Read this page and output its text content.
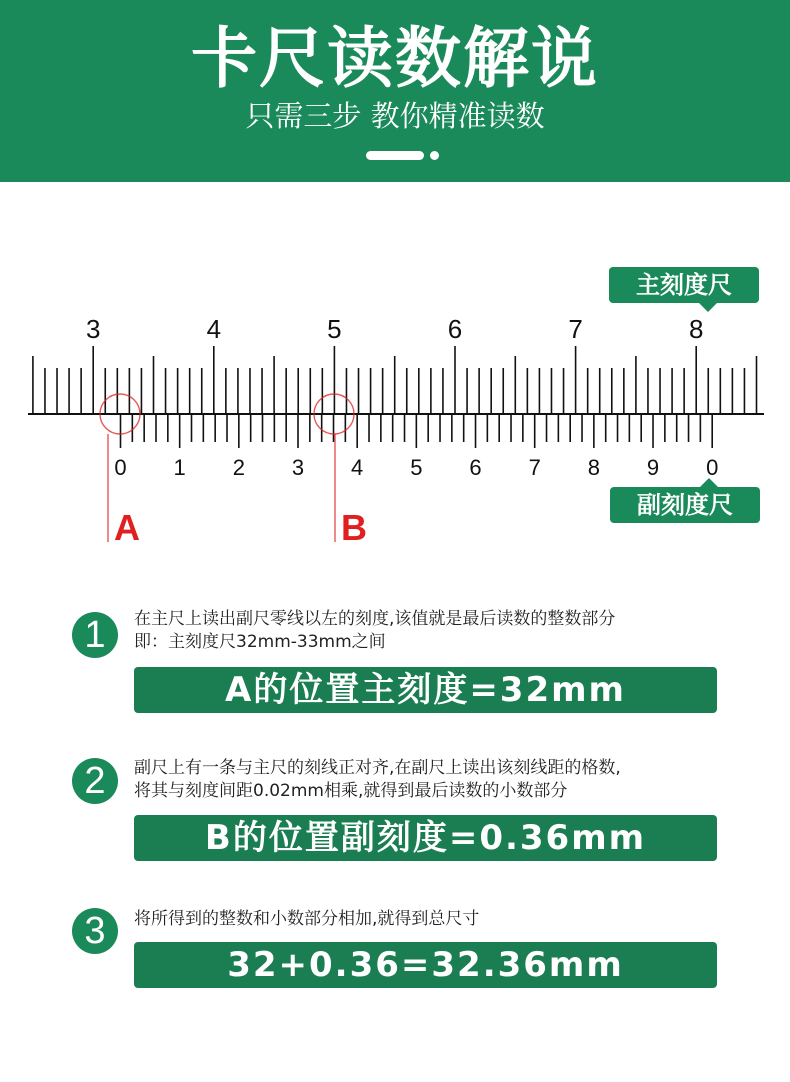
卡尺读数解说
只需三步 教你精准读数
3	4	5	6	7	8
0 1 2 3 4 5 6 7 8 9 0
A	B
主刻度尺
副刻度尺
1	在主尺上读出副尺零线以左的刻度,该值就是最后读数的整数部分
即：主刻度尺32mm-33mm之间
A的位置主刻度=32mm
2	副尺上有一条与主尺的刻线正对齐,在副尺上读出该刻线距的格数,
将其与刻度间距0.02mm相乘,就得到最后读数的小数部分
B的位置副刻度=0.36mm
3	将所得到的整数和小数部分相加,就得到总尺寸
32+0.36=32.36mm
